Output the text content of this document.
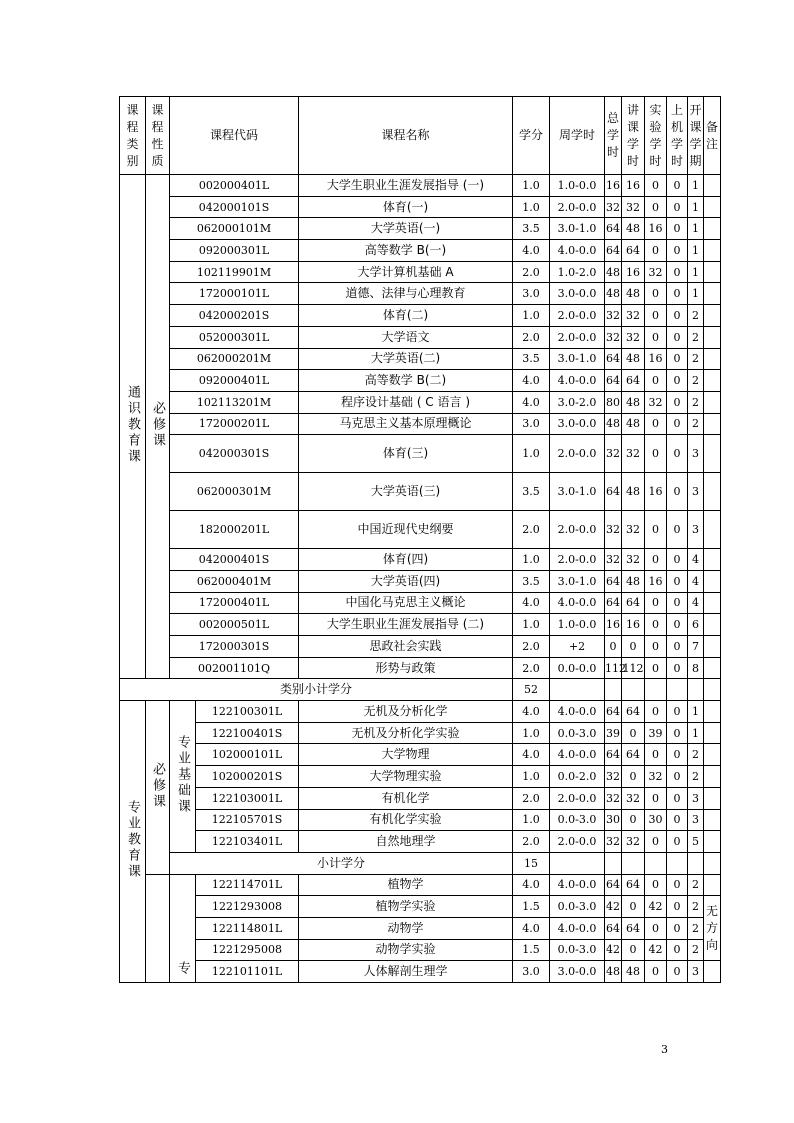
课程类别	课程性质	课程代码		课程名称	学分	周学时	总学时	讲课学时	实验学时	上机学时	开课学期	备注
通识教育课	必修课	002000401L		大学生职业生涯发展指导 (一)	1.0	1.0-0.0	16	16	0	0	1	
		042000101S		体育(一)	1.0	2.0-0.0	32	32	0	0	1	
		062000101M		大学英语(一)	3.5	3.0-1.0	64	48	16	0	1	
		092000301L		高等数学 B(一)	4.0	4.0-0.0	64	64	0	0	1	
		102119901M		大学计算机基础 A	2.0	1.0-2.0	48	16	32	0	1	
		172000101L		道德、法律与心理教育	3.0	3.0-0.0	48	48	0	0	1	
		042000201S		体育(二)	1.0	2.0-0.0	32	32	0	0	2	
		052000301L		大学语文	2.0	2.0-0.0	32	32	0	0	2	
		062000201M		大学英语(二)	3.5	3.0-1.0	64	48	16	0	2	
		092000401L		高等数学 B(二)	4.0	4.0-0.0	64	64	0	0	2	
		102113201M		程序设计基础 ( C 语言 )	4.0	3.0-2.0	80	48	32	0	2	
		172000201L		马克思主义基本原理概论	3.0	3.0-0.0	48	48	0	0	2	
		042000301S		体育(三)	1.0	2.0-0.0	32	32	0	0	3	
		062000301M		大学英语(三)	3.5	3.0-1.0	64	48	16	0	3	
		182000201L		中国近现代史纲要	2.0	2.0-0.0	32	32	0	0	3	
		042000401S		体育(四)	1.0	2.0-0.0	32	32	0	0	4	
		062000401M		大学英语(四)	3.5	3.0-1.0	64	48	16	0	4	
		172000401L		中国化马克思主义概论	4.0	4.0-0.0	64	64	0	0	4	
		002000501L		大学生职业生涯发展指导 (二)	1.0	1.0-0.0	16	16	0	0	6	
		172000301S		思政社会实践	2.0	+2	0	0	0	0	7	
		002001101Q		形势与政策	2.0	0.0-0.0	112	112	0	0	8	
类别小计学分					52							
专业教育课	必修课	专业基础课	122100301L	无机及分析化学	4.0	4.0-0.0	64	64	0	0	1	
			122100401S	无机及分析化学实验	1.0	0.0-3.0	39	0	39	0	1	
			102000101L	大学物理	4.0	4.0-0.0	64	64	0	0	2	
			102000201S	大学物理实验	1.0	0.0-2.0	32	0	32	0	2	
			122103001L	有机化学	2.0	2.0-0.0	32	32	0	0	3	
			122105701S	有机化学实验	1.0	0.0-3.0	30	0	30	0	3	
			122103401L	自然地理学	2.0	2.0-0.0	32	32	0	0	5	
		小计学分			15							
		专	122114701L	植物学	4.0	4.0-0.0	64	64	0	0	2	
			1221293008	植物学实验	1.5	0.0-3.0	42	0	42	0	2	无方向
			122114801L	动物学	4.0	4.0-0.0	64	64	0	0	2	
			1221295008	动物学实验	1.5	0.0-3.0	42	0	42	0	2	
			122101101L	人体解剖生理学	3.0	3.0-0.0	48	48	0	0	3	
3
